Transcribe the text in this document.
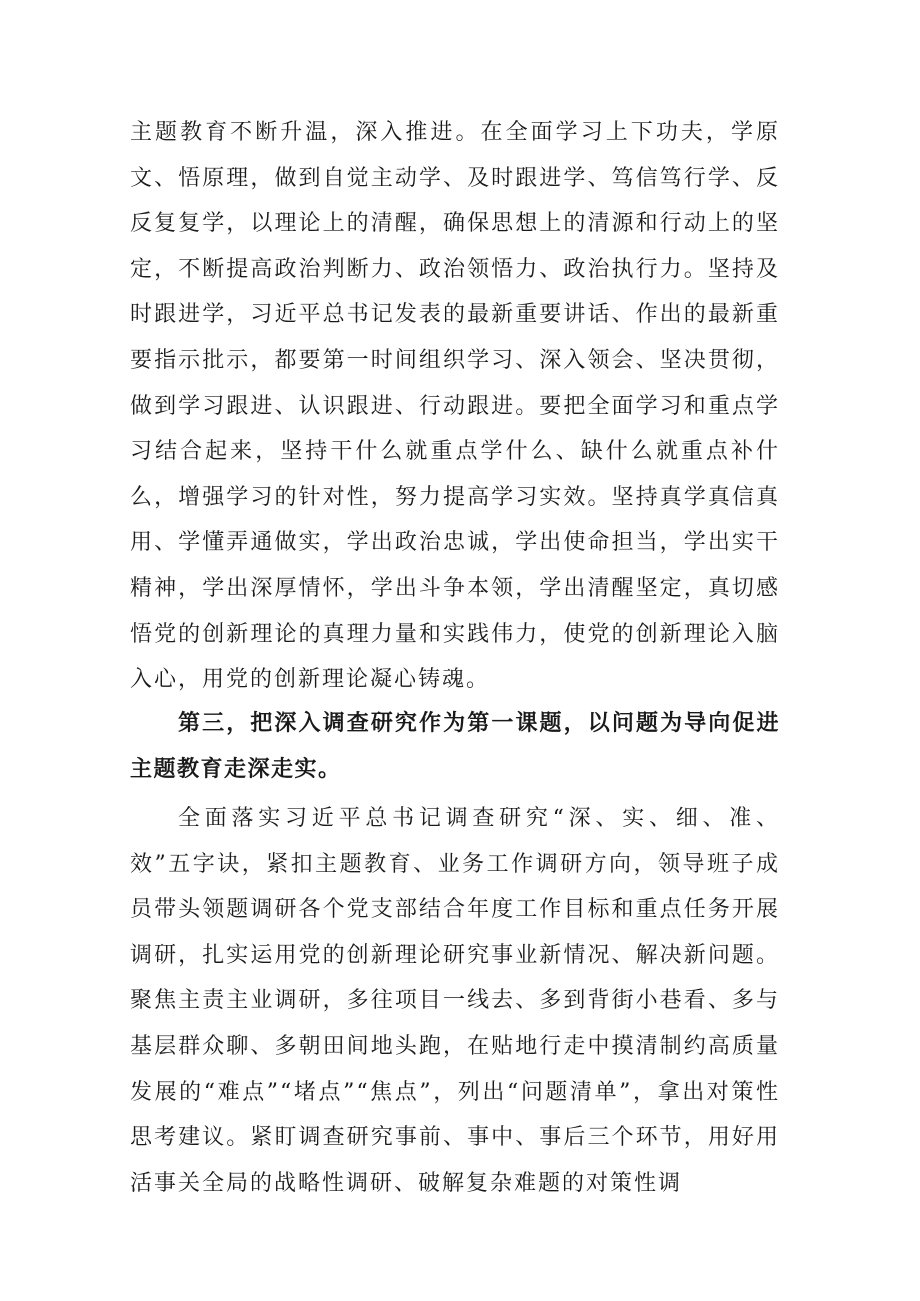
主题教育不断升温，深入推进。在全面学习上下功夫，学原文、悟原理，做到自觉主动学、及时跟进学、笃信笃行学、反反复复学，以理论上的清醒，确保思想上的清源和行动上的坚定，不断提高政治判断力、政治领悟力、政治执行力。坚持及时跟进学，习近平总书记发表的最新重要讲话、作出的最新重要指示批示，都要第一时间组织学习、深入领会、坚决贯彻，做到学习跟进、认识跟进、行动跟进。要把全面学习和重点学习结合起来，坚持干什么就重点学什么、缺什么就重点补什么，增强学习的针对性，努力提高学习实效。坚持真学真信真用、学懂弄通做实，学出政治忠诚，学出使命担当，学出实干精神，学出深厚情怀，学出斗争本领，学出清醒坚定，真切感悟党的创新理论的真理力量和实践伟力，使党的创新理论入脑入心，用党的创新理论凝心铸魂。

第三，把深入调查研究作为第一课题，以问题为导向促进主题教育走深走实。

全面落实习近平总书记调查研究“深、实、细、准、效”五字诀，紧扣主题教育、业务工作调研方向，领导班子成员带头领题调研各个党支部结合年度工作目标和重点任务开展调研，扎实运用党的创新理论研究事业新情况、解决新问题。聚焦主责主业调研，多往项目一线去、多到背街小巷看、多与基层群众聊、多朝田间地头跑，在贴地行走中摸清制约高质量发展的“难点”“堵点”“焦点”，列出“问题清单”，拿出对策性思考建议。紧盯调查研究事前、事中、事后三个环节，用好用活事关全局的战略性调研、破解复杂难题的对策性调
